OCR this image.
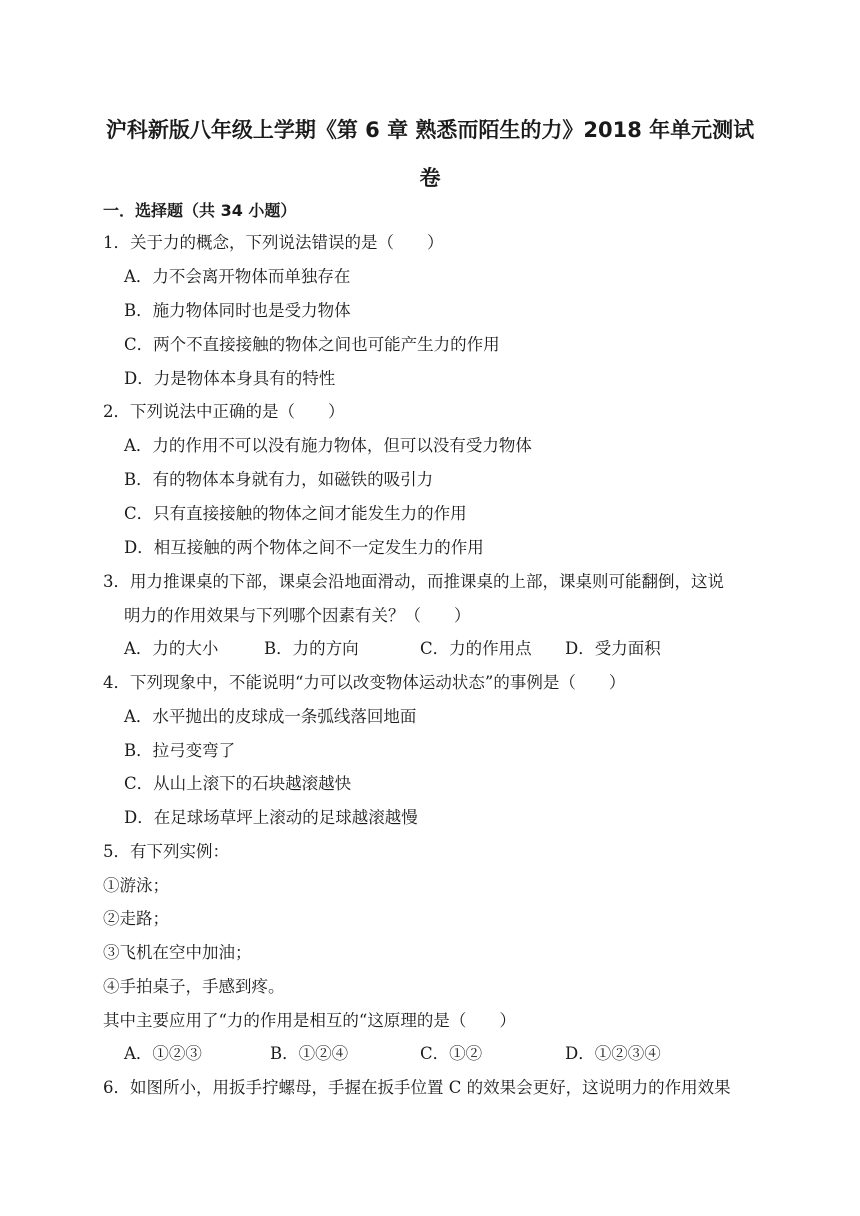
沪科新版八年级上学期《第 6 章 熟悉而陌生的力》2018 年单元测试
卷
一．选择题（共 34 小题）
1．关于力的概念，下列说法错误的是（　　）
A．力不会离开物体而单独存在
B．施力物体同时也是受力物体
C．两个不直接接触的物体之间也可能产生力的作用
D．力是物体本身具有的特性
2．下列说法中正确的是（　　）
A．力的作用不可以没有施力物体，但可以没有受力物体
B．有的物体本身就有力，如磁铁的吸引力
C．只有直接接触的物体之间才能发生力的作用
D．相互接触的两个物体之间不一定发生力的作用
3．用力推课桌的下部，课桌会沿地面滑动，而推课桌的上部，课桌则可能翻倒，这说
明力的作用效果与下列哪个因素有关？（　　）
A．力的大小	B．力的方向	C．力的作用点 D．受力面积
4．下列现象中，不能说明“力可以改变物体运动状态”的事例是（　　）
A．水平抛出的皮球成一条弧线落回地面
B．拉弓变弯了
C．从山上滚下的石块越滚越快
D．在足球场草坪上滚动的足球越滚越慢
5．有下列实例：
①游泳；
②走路；
③飞机在空中加油；
④手拍桌子，手感到疼。
其中主要应用了“力的作用是相互的“这原理的是（　　）
A．①②③	B．①②④	C．①②	D．①②③④
6．如图所小，用扳手拧螺母，手握在扳手位置 C 的效果会更好，这说明力的作用效果
